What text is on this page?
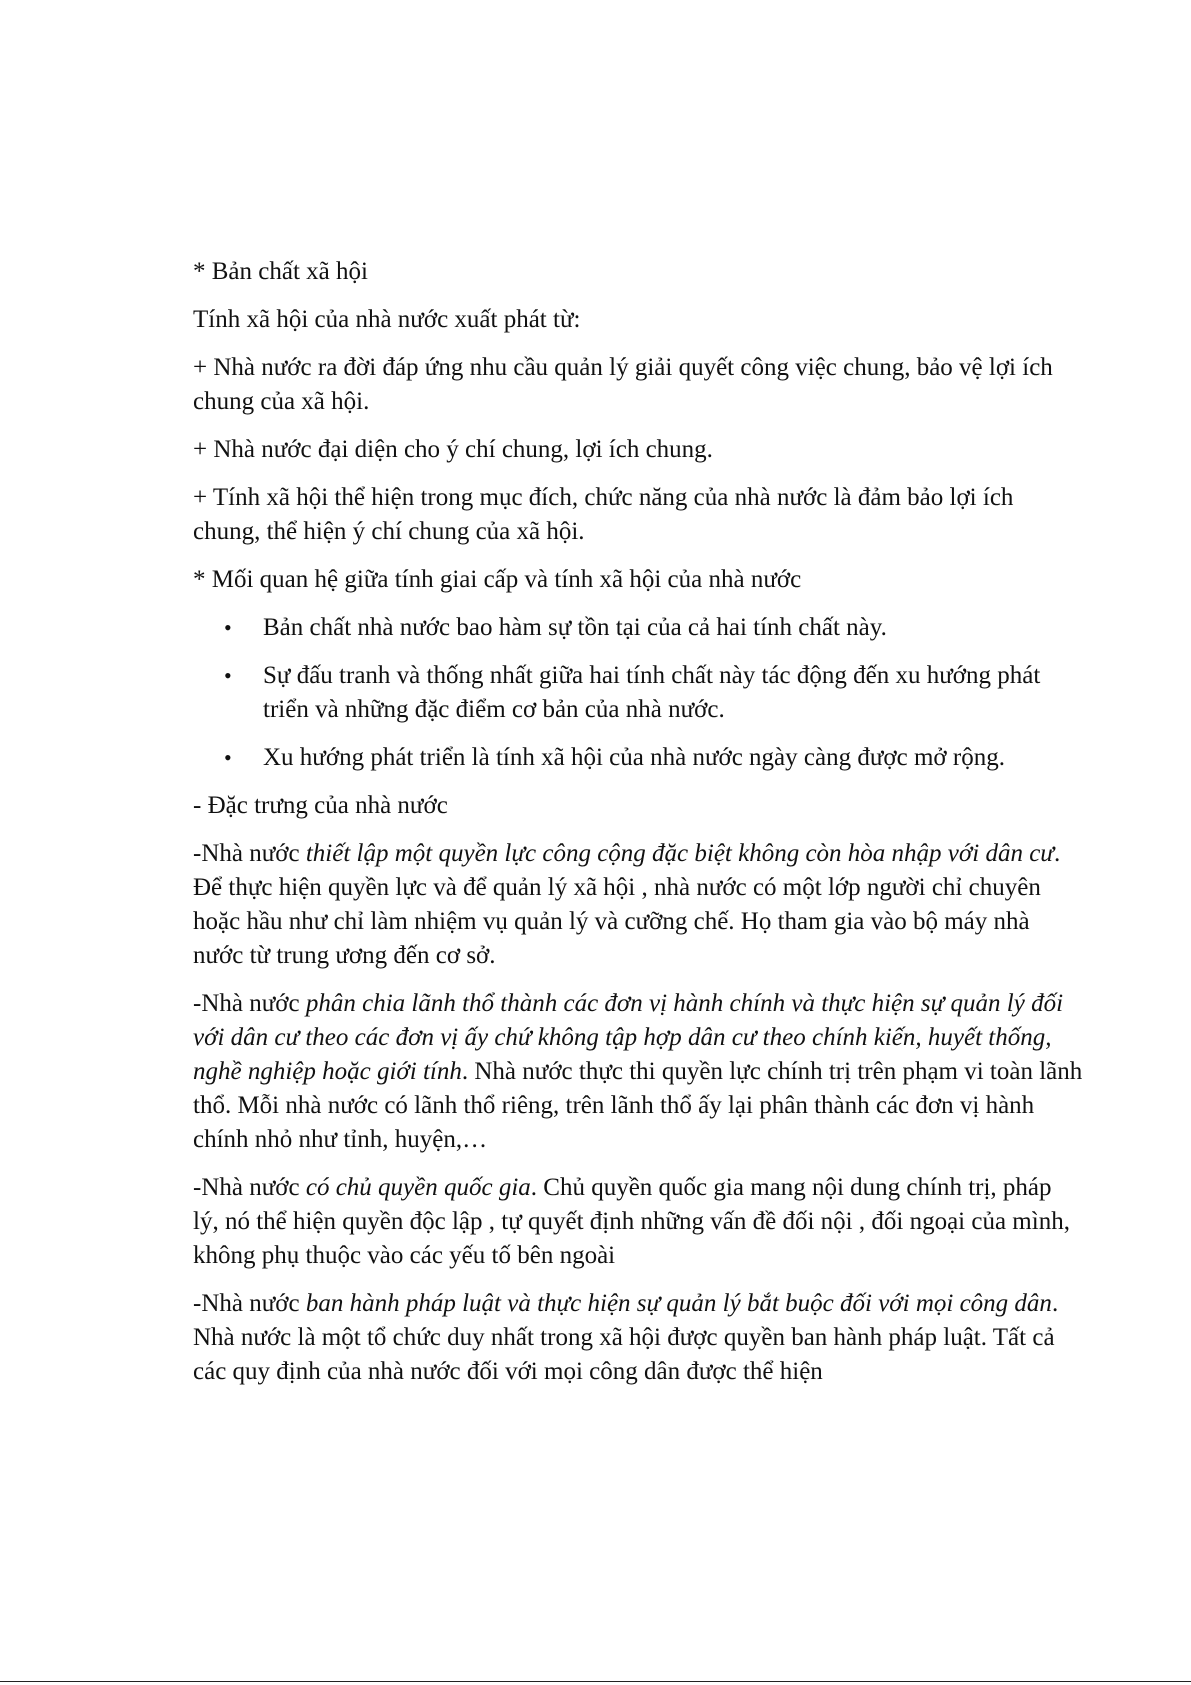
* Bản chất xã hội

Tính xã hội của nhà nước xuất phát từ:

+ Nhà nước ra đời đáp ứng nhu cầu quản lý giải quyết công việc chung, bảo vệ lợi ích chung của xã hội.

+ Nhà nước đại diện cho ý chí chung, lợi ích chung.

+ Tính xã hội thể hiện trong mục đích, chức năng của nhà nước là đảm bảo lợi ích chung, thể hiện ý chí chung của xã hội.

* Mối quan hệ giữa tính giai cấp và tính xã hội của nhà nước

• Bản chất nhà nước bao hàm sự tồn tại của cả hai tính chất này.
• Sự đấu tranh và thống nhất giữa hai tính chất này tác động đến xu hướng phát triển và những đặc điểm cơ bản của nhà nước.
• Xu hướng phát triển là tính xã hội của nhà nước ngày càng được mở rộng.

- Đặc trưng của nhà nước

-Nhà nước thiết lập một quyền lực công cộng đặc biệt không còn hòa nhập với dân cư. Để thực hiện quyền lực và để quản lý xã hội , nhà nước có một lớp người chỉ chuyên hoặc hầu như chỉ làm nhiệm vụ quản lý và cưỡng chế. Họ tham gia vào bộ máy nhà nước từ trung ương đến cơ sở.

-Nhà nước phân chia lãnh thổ thành các đơn vị hành chính và thực hiện sự quản lý đối với dân cư theo các đơn vị ấy chứ không tập hợp dân cư theo chính kiến, huyết thống, nghề nghiệp hoặc giới tính. Nhà nước thực thi quyền lực chính trị trên phạm vi toàn lãnh thổ. Mỗi nhà nước có lãnh thổ riêng, trên lãnh thổ ấy lại phân thành các đơn vị hành chính nhỏ như tỉnh, huyện,…

-Nhà nước có chủ quyền quốc gia. Chủ quyền quốc gia mang nội dung chính trị, pháp lý, nó thể hiện quyền độc lập , tự quyết định những vấn đề đối nội , đối ngoại của mình, không phụ thuộc vào các yếu tố bên ngoài

-Nhà nước ban hành pháp luật và thực hiện sự quản lý bắt buộc đối với mọi công dân. Nhà nước là một tổ chức duy nhất trong xã hội được quyền ban hành pháp luật. Tất cả các quy định của nhà nước đối với mọi công dân được thể hiện
